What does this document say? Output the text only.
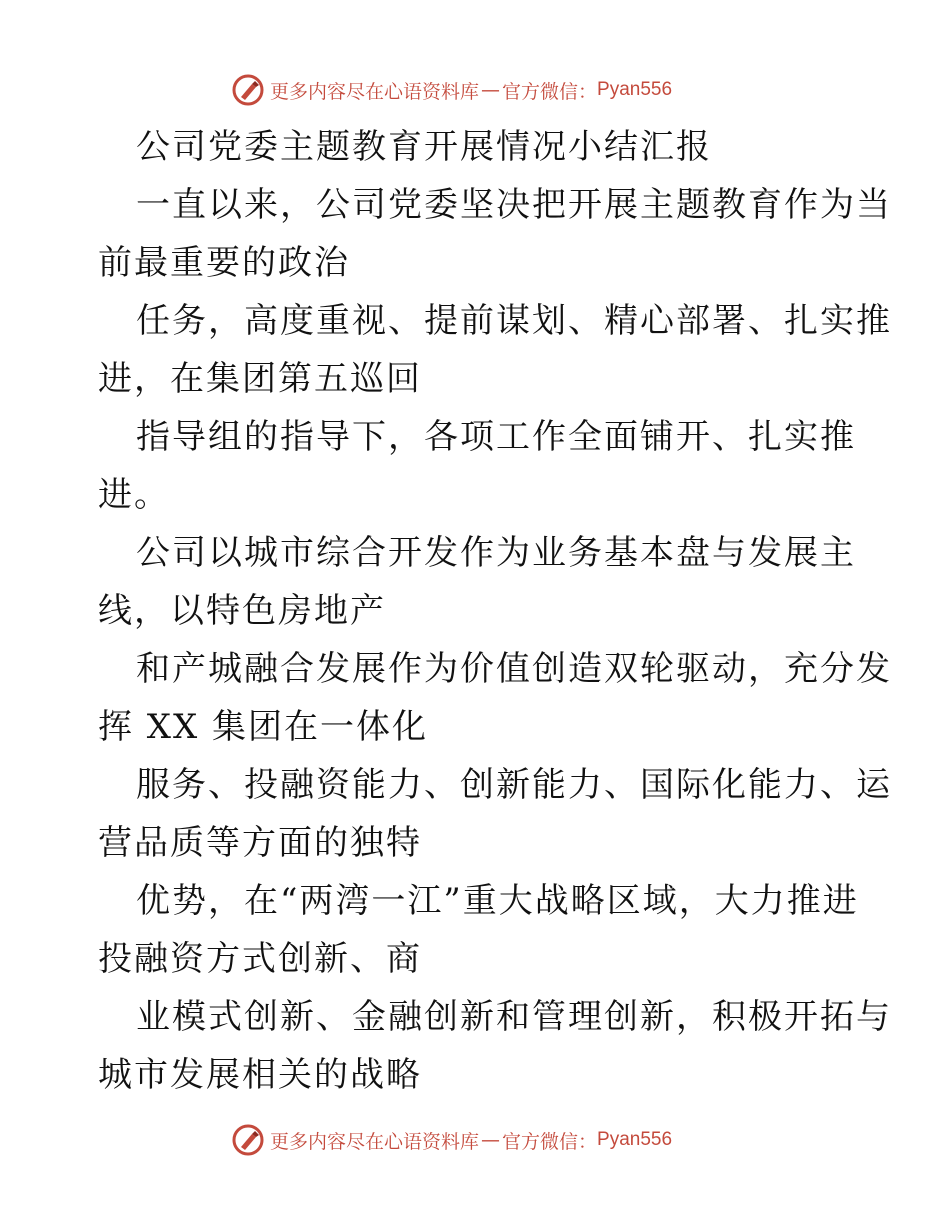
更多内容尽在心语资料库 — 官方微信： Pyan556
公司党委主题教育开展情况小结汇报
一直以来，公司党委坚决把开展主题教育作为当
前最重要的政治
任务，高度重视、提前谋划、精心部署、扎实推
进，在集团第五巡回
指导组的指导下，各项工作全面铺开、扎实推
进。
公司以城市综合开发作为业务基本盘与发展主
线，以特色房地产
和产城融合发展作为价值创造双轮驱动，充分发
挥 XX 集团在一体化
服务、投融资能力、创新能力、国际化能力、运
营品质等方面的独特
优势，在“两湾一江”重大战略区域，大力推进
投融资方式创新、商
业模式创新、金融创新和管理创新，积极开拓与
城市发展相关的战略
更多内容尽在心语资料库 — 官方微信： Pyan556
